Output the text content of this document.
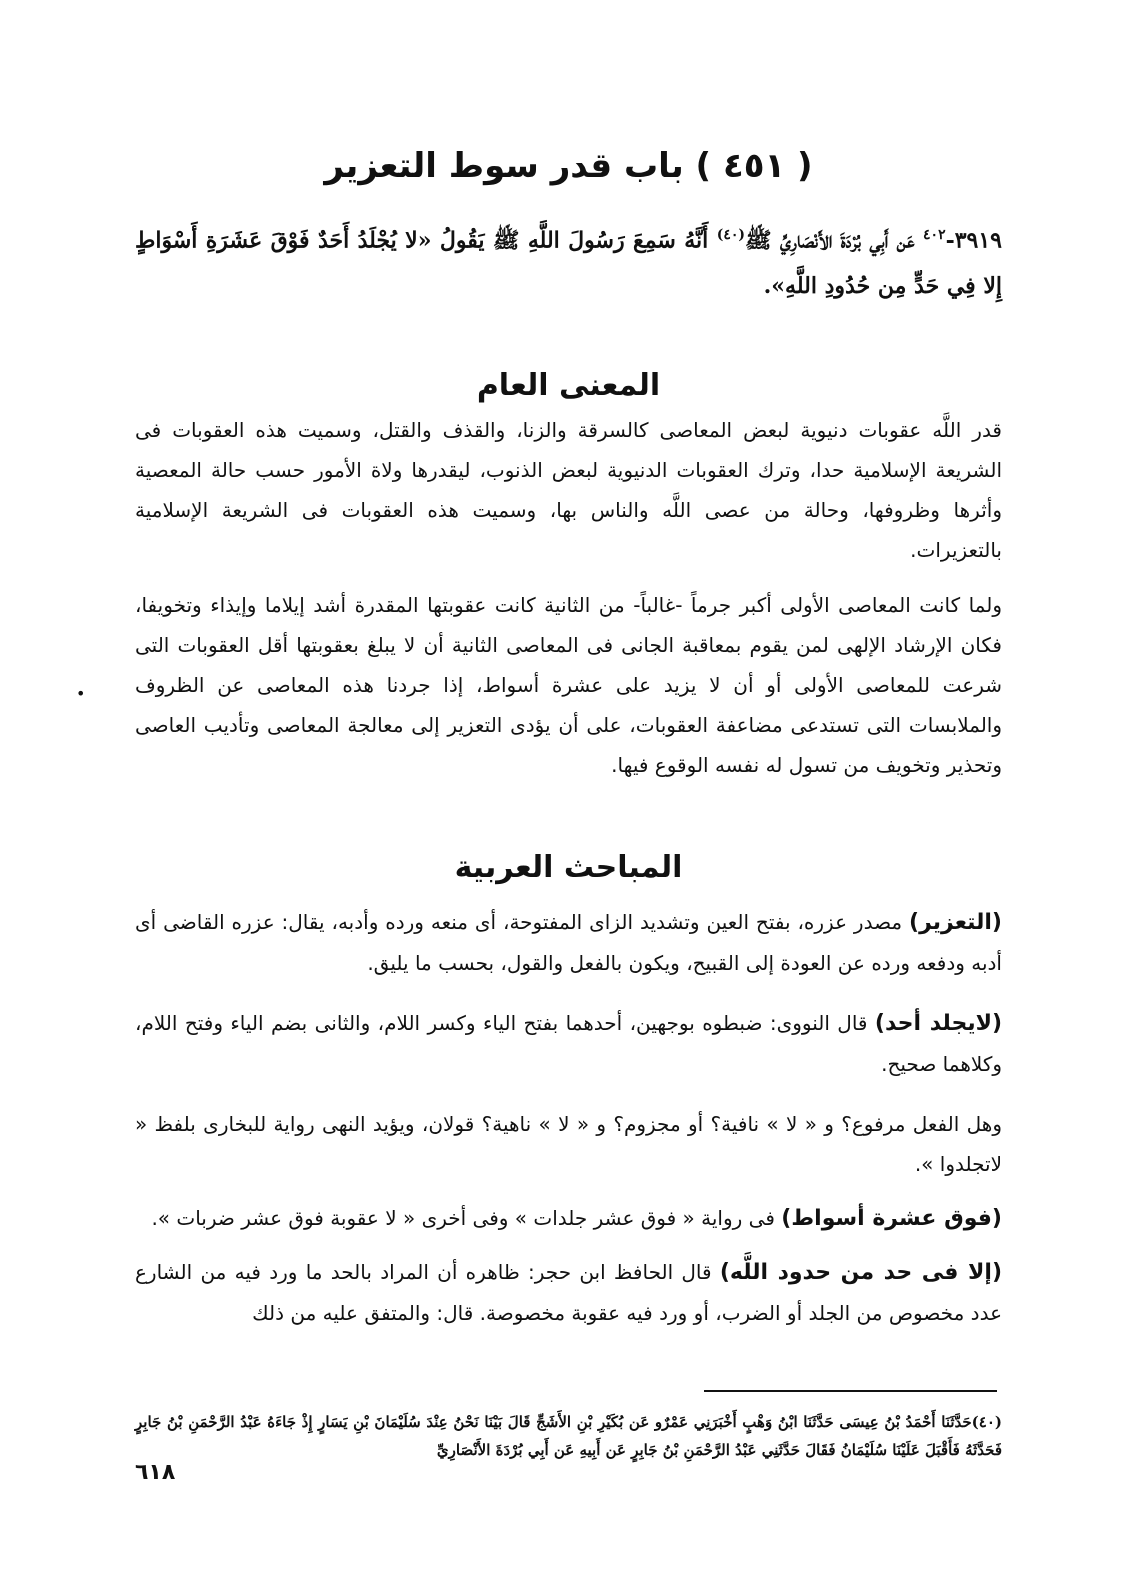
( ٤٥١ ) باب قدر سوط التعزير
٣٩١٩-$^{٤٠٢}$ عَن أَبِي بُرْدَةَ الأَنْصَارِيِّ ﷺ$^{(٤٠)}$ أَنَّهُ سَمِعَ رَسُولَ اللَّهِ ﷺ يَقُولُ «لا يُجْلَدُ أَحَدٌ فَوْقَ عَشَرَةِ أَسْوَاطٍ إِلا فِي حَدٍّ مِن حُدُودِ اللَّهِ».
المعنى العام

قدر اللَّه عقوبات دنيوية لبعض المعاصى كالسرقة والزنا، والقذف والقتل، وسميت هذه العقوبات فى الشريعة الإسلامية حدا، وترك العقوبات الدنيوية لبعض الذنوب، ليقدرها ولاة الأمور حسب حالة المعصية وأثرها وظروفها، وحالة من عصى اللَّه والناس بها، وسميت هذه العقوبات فى الشريعة الإسلامية بالتعزيرات.

ولما كانت المعاصى الأولى أكبر جرماً -غالباً- من الثانية كانت عقوبتها المقدرة أشد إيلاما وإيذاء وتخويفا، فكان الإرشاد الإلهى لمن يقوم بمعاقبة الجانى فى المعاصى الثانية أن لا يبلغ بعقوبتها أقل العقوبات التى شرعت للمعاصى الأولى أو أن لا يزيد على عشرة أسواط، إذا جردنا هذه المعاصى عن الظروف والملابسات التى تستدعى مضاعفة العقوبات، على أن يؤدى التعزير إلى معالجة المعاصى وتأديب العاصى وتحذير وتخويف من تسول له نفسه الوقوع فيها.

•
المباحث العربية

(التعزير) مصدر عزره، بفتح العين وتشديد الزاى المفتوحة، أى منعه ورده وأدبه، يقال: عزره القاضى أى أدبه ودفعه ورده عن العودة إلى القبيح، ويكون بالفعل والقول، بحسب ما يليق.

(لايجلد أحد) قال النووى: ضبطوه بوجهين، أحدهما بفتح الياء وكسر اللام، والثانى بضم الياء وفتح اللام، وكلاهما صحيح.

وهل الفعل مرفوع؟ و « لا » نافية؟ أو مجزوم؟ و « لا » ناهية؟ قولان، ويؤيد النهى رواية للبخارى بلفظ « لاتجلدوا ».

(فوق عشرة أسواط) فى رواية « فوق عشر جلدات » وفى أخرى « لا عقوبة فوق عشر ضربات ».

(إلا فى حد من حدود اللَّه) قال الحافظ ابن حجر: ظاهره أن المراد بالحد ما ورد فيه من الشارع عدد مخصوص من الجلد أو الضرب، أو ورد فيه عقوبة مخصوصة. قال: والمتفق عليه من ذلك

(٤٠)حَدَّثَنَا أَحْمَدُ بْنُ عِيسَى حَدَّثَنَا ابْنُ وَهْبٍ أَخْبَرَنِي عَمْرٌو عَن بُكَيْرِ بْنِ الأَشَجِّ قَالَ بَيْنَا نَحْنُ عِنْدَ سُلَيْمَانَ بْنِ يَسَارٍ إِذْ جَاءَهُ عَبْدُ الرَّحْمَنِ بْنُ جَابِرٍ فَحَدَّثَهُ فَأَقْبَلَ عَلَيْنَا سُلَيْمَانُ فَقَالَ حَدَّثَنِي عَبْدُ الرَّحْمَنِ بْنُ جَابِرٍ عَن أَبِيهِ عَن أَبِي بُرْدَةَ الأَنْصَارِيِّ

٦١٨
